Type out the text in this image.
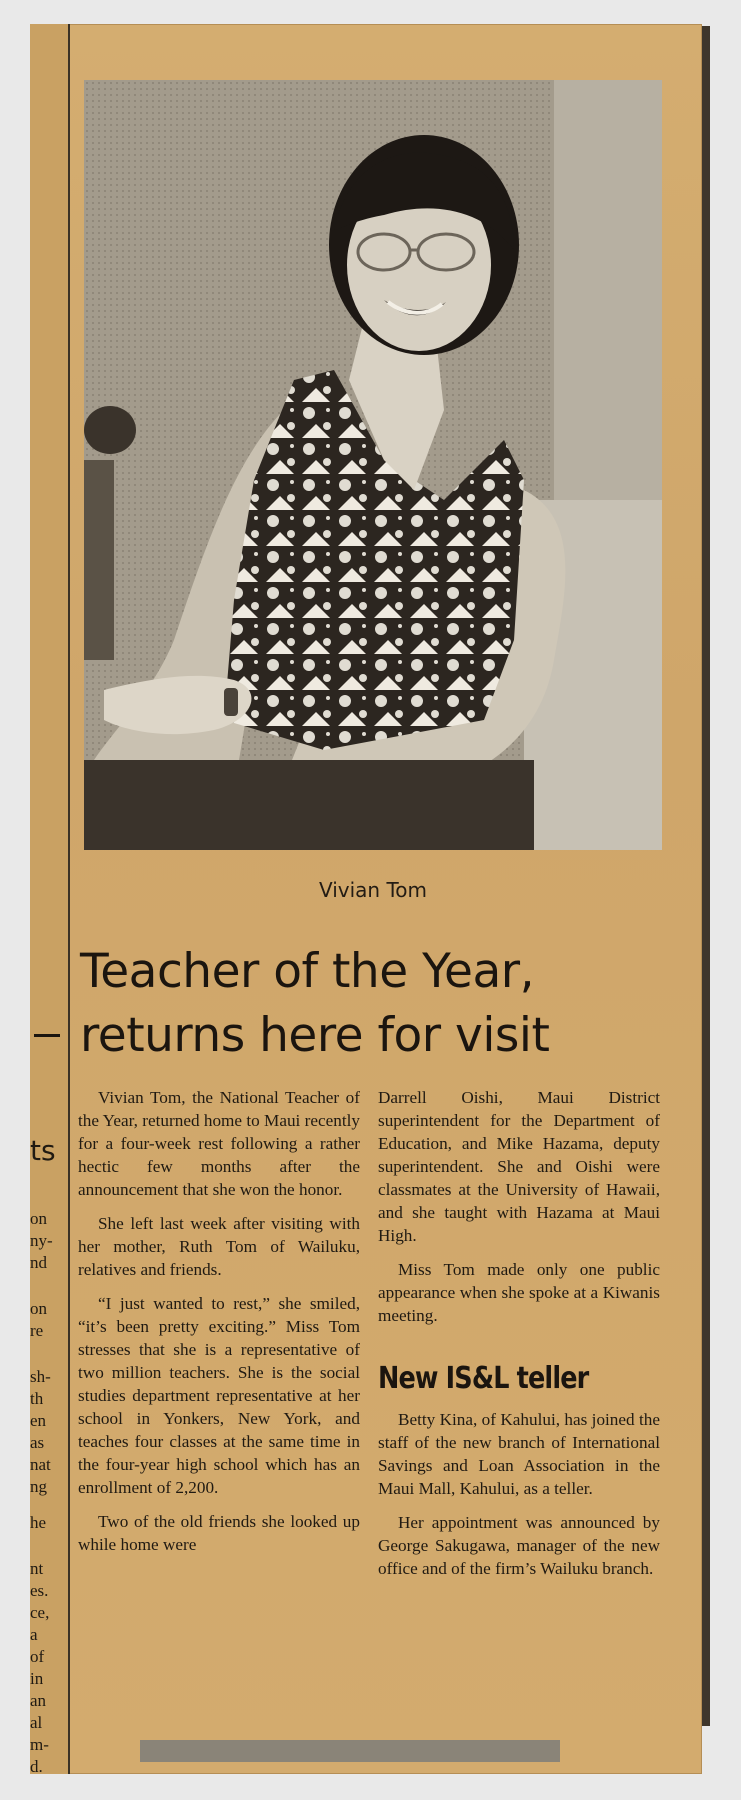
ts
on
ny-
nd
on
re
sh-
th
en
as
nat
ng
he
nt
es.
ce,
a
of
in
an
al
m-
d.
Vivian Tom
Teacher of the Year,
returns here for visit

Vivian Tom, the National Teacher of the Year, returned home to Maui recently for a four-week rest following a rather hectic few months after the announcement that she won the honor.

She left last week after visiting with her mother, Ruth Tom of Wailuku, relatives and friends.

“I just wanted to rest,” she smiled, “it’s been pretty exciting.” Miss Tom stresses that she is a representative of two million teachers. She is the social studies department representative at her school in Yonkers, New York, and teaches four classes at the same time in the four-year high school which has an enrollment of 2,200.

Two of the old friends she looked up while home were

Darrell Oishi, Maui District superintendent for the Department of Education, and Mike Hazama, deputy superintendent. She and Oishi were classmates at the University of Hawaii, and she taught with Hazama at Maui High.

Miss Tom made only one public appearance when she spoke at a Kiwanis meeting.

New IS&L teller

Betty Kina, of Kahului, has joined the staff of the new branch of International Savings and Loan Association in the Maui Mall, Kahului, as a teller.

Her appointment was announced by George Sakugawa, manager of the new office and of the firm’s Wailuku branch.
